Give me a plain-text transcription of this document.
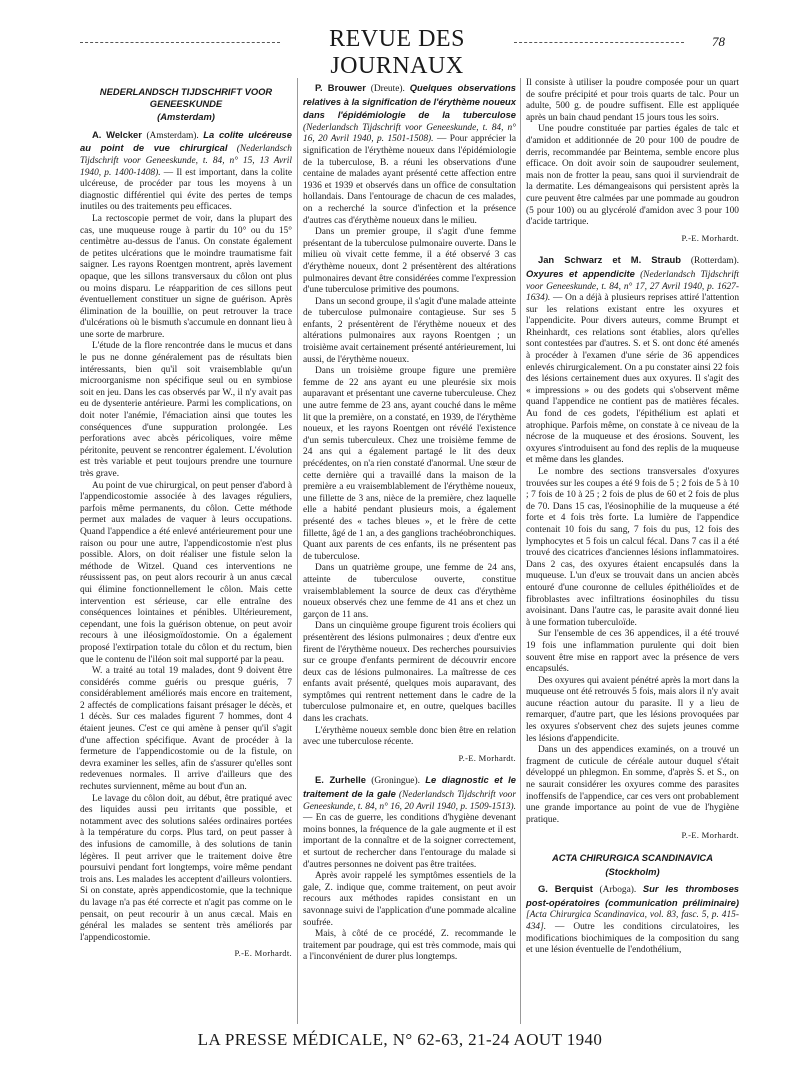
REVUE DES JOURNAUX
78
NEDERLANDSCH TIJDSCHRIFT VOOR GENEESKUNDE
(Amsterdam)

A. Welcker (Amsterdam). La colite ulcéreuse au point de vue chirurgical (Nederlandsch Tijdschrift voor Geneeskunde, t. 84, n° 15, 13 Avril 1940, p. 1400-1408). — Il est important, dans la colite ulcéreuse, de procéder par tous les moyens à un diagnostic différentiel qui évite des pertes de temps inutiles ou des traitements peu efficaces.

La rectoscopie permet de voir, dans la plupart des cas, une muqueuse rouge à partir du 10° ou du 15° centimètre au-dessus de l'anus. On constate également de petites ulcérations que le moindre traumatisme fait saigner. Les rayons Roentgen montrent, après lavement opaque, que les sillons transversaux du côlon ont plus ou moins disparu. Le réapparition de ces sillons peut éventuellement constituer un signe de guérison. Après élimination de la bouillie, on peut retrouver la trace d'ulcérations où le bismuth s'accumule en donnant lieu à une sorte de marbrure.

L'étude de la flore rencontrée dans le mucus et dans le pus ne donne généralement pas de résultats bien intéressants, bien qu'il soit vraisemblable qu'un microorganisme non spécifique seul ou en symbiose soit en jeu. Dans les cas observés par W., il n'y avait pas eu de dysenterie antérieure. Parmi les complications, on doit noter l'anémie, l'émaciation ainsi que toutes les conséquences d'une suppuration prolongée. Les perforations avec abcès péricoliques, voire même péritonite, peuvent se rencontrer également. L'évolution est très variable et peut toujours prendre une tournure très grave.

Au point de vue chirurgical, on peut penser d'abord à l'appendicostomie associée à des lavages réguliers, parfois même permanents, du côlon. Cette méthode permet aux malades de vaquer à leurs occupations. Quand l'appendice a été enlevé antérieurement pour une raison ou pour une autre, l'appendicostomie n'est plus possible. Alors, on doit réaliser une fistule selon la méthode de Witzel. Quand ces interventions ne réussissent pas, on peut alors recourir à un anus cæcal qui élimine fonctionnellement le côlon. Mais cette intervention est sérieuse, car elle entraîne des conséquences lointaines et pénibles. Ultérieurement, cependant, une fois la guérison obtenue, on peut avoir recours à une iléosigmoïdostomie. On a également proposé l'extirpation totale du côlon et du rectum, bien que le contenu de l'iléon soit mal supporté par la peau.

W. a traité au total 19 malades, dont 9 doivent être considérés comme guéris ou presque guéris, 7 considérablement améliorés mais encore en traitement, 2 affectés de complications faisant présager le décès, et 1 décès. Sur ces malades figurent 7 hommes, dont 4 étaient jeunes. C'est ce qui amène à penser qu'il s'agit d'une affection spécifique. Avant de procéder à la fermeture de l'appendicostomie ou de la fistule, on devra examiner les selles, afin de s'assurer qu'elles sont redevenues normales. Il arrive d'ailleurs que des rechutes surviennent, même au bout d'un an.

Le lavage du côlon doit, au début, être pratiqué avec des liquides aussi peu irritants que possible, et notamment avec des solutions salées ordinaires portées à la température du corps. Plus tard, on peut passer à des infusions de camomille, à des solutions de tanin légères. Il peut arriver que le traitement doive être poursuivi pendant fort longtemps, voire même pendant trois ans. Les malades les acceptent d'ailleurs volontiers. Si on constate, après appendicostomie, que la technique du lavage n'a pas été correcte et n'agit pas comme on le pensait, on peut recourir à un anus cæcal. Mais en général les malades se sentent très améliorés par l'appendicostomie.

P.-E. Morhardt.

P. Brouwer (Dreute). Quelques observations relatives à la signification de l'érythème noueux dans l'épidémiologie de la tuberculose (Nederlandsch Tijdschrift voor Geneeskunde, t. 84, n° 16, 20 Avril 1940, p. 1501-1508). — Pour apprécier la signification de l'érythème noueux dans l'épidémiologie de la tuberculose, B. a réuni les observations d'une centaine de malades ayant présenté cette affection entre 1936 et 1939 et observés dans un office de consultation hollandais. Dans l'entourage de chacun de ces malades, on a recherché la source d'infection et la présence d'autres cas d'érythème noueux dans le milieu.

Dans un premier groupe, il s'agit d'une femme présentant de la tuberculose pulmonaire ouverte. Dans le milieu où vivait cette femme, il a été observé 3 cas d'érythème noueux, dont 2 présentèrent des altérations pulmonaires devant être considérées comme l'expression d'une tuberculose primitive des poumons.

Dans un second groupe, il s'agit d'une malade atteinte de tuberculose pulmonaire contagieuse. Sur ses 5 enfants, 2 présentèrent de l'érythème noueux et des altérations pulmonaires aux rayons Roentgen ; un troisième avait certainement présenté antérieurement, lui aussi, de l'érythème noueux.

Dans un troisième groupe figure une première femme de 22 ans ayant eu une pleurésie six mois auparavant et présentant une caverne tuberculeuse. Chez une autre femme de 23 ans, ayant couché dans le même lit que la première, on a constaté, en 1939, de l'érythème noueux, et les rayons Roentgen ont révélé l'existence d'un semis tuberculeux. Chez une troisième femme de 24 ans qui a également partagé le lit des deux précédentes, on n'a rien constaté d'anormal. Une sœur de cette dernière qui a travaillé dans la maison de la première a eu vraisemblablement de l'érythème noueux, une fillette de 3 ans, nièce de la première, chez laquelle elle a habité pendant plusieurs mois, a également présenté des « taches bleues », et le frère de cette fillette, âgé de 1 an, a des ganglions trachéobronchiques. Quant aux parents de ces enfants, ils ne présentent pas de tuberculose.

Dans un quatrième groupe, une femme de 24 ans, atteinte de tuberculose ouverte, constitue vraisemblablement la source de deux cas d'érythème noueux observés chez une femme de 41 ans et chez un garçon de 11 ans.

Dans un cinquième groupe figurent trois écoliers qui présentèrent des lésions pulmonaires ; deux d'entre eux firent de l'érythème noueux. Des recherches poursuivies sur ce groupe d'enfants permirent de découvrir encore deux cas de lésions pulmonaires. La maîtresse de ces enfants avait présenté, quelques mois auparavant, des symptômes qui rentrent nettement dans le cadre de la tuberculose pulmonaire et, en outre, quelques bacilles dans les crachats.

L'érythème noueux semble donc bien être en relation avec une tuberculose récente.

P.-E. Morhardt.

E. Zurhelle (Groningue). Le diagnostic et le traitement de la gale (Nederlandsch Tijdschrift voor Geneeskunde, t. 84, n° 16, 20 Avril 1940, p. 1509-1513). — En cas de guerre, les conditions d'hygiène devenant moins bonnes, la fréquence de la gale augmente et il est important de la connaître et de la soigner correctement, et surtout de rechercher dans l'entourage du malade si d'autres personnes ne doivent pas être traitées.

Après avoir rappelé les symptômes essentiels de la gale, Z. indique que, comme traitement, on peut avoir recours aux méthodes rapides consistant en un savonnage suivi de l'application d'une pommade alcaline soufrée.

Mais, à côté de ce procédé, Z. recommande le traitement par poudrage, qui est très commode, mais qui a l'inconvénient de durer plus longtemps.

Il consiste à utiliser la poudre composée pour un quart de soufre précipité et pour trois quarts de talc. Pour un adulte, 500 g. de poudre suffisent. Elle est appliquée après un bain chaud pendant 15 jours tous les soirs.

Une poudre constituée par parties égales de talc et d'amidon et additionnée de 20 pour 100 de poudre de derris, recommandée par Beintema, semble encore plus efficace. On doit avoir soin de saupoudrer seulement, mais non de frotter la peau, sans quoi il surviendrait de la dermatite. Les démangeaisons qui persistent après la cure peuvent être calmées par une pommade au goudron (5 pour 100) ou au glycérolé d'amidon avec 3 pour 100 d'acide tartrique.

P.-E. Morhardt.

Jan Schwarz et M. Straub (Rotterdam). Oxyures et appendicite (Nederlandsch Tijdschrift voor Geneeskunde, t. 84, n° 17, 27 Avril 1940, p. 1627-1634). — On a déjà à plusieurs reprises attiré l'attention sur les relations existant entre les oxyures et l'appendicite. Pour divers auteurs, comme Brumpt et Rheinhardt, ces relations sont établies, alors qu'elles sont contestées par d'autres. S. et S. ont donc été amenés à procéder à l'examen d'une série de 36 appendices enlevés chirurgicalement. On a pu constater ainsi 22 fois des lésions certainement dues aux oxyures. Il s'agit des « impressions » ou des godets qui s'observent même quand l'appendice ne contient pas de matières fécales. Au fond de ces godets, l'épithélium est aplati et atrophique. Parfois même, on constate à ce niveau de la nécrose de la muqueuse et des érosions. Souvent, les oxyures s'introduisent au fond des replis de la muqueuse et même dans les glandes.

Le nombre des sections transversales d'oxyures trouvées sur les coupes a été 9 fois de 5 ; 2 fois de 5 à 10 ; 7 fois de 10 à 25 ; 2 fois de plus de 60 et 2 fois de plus de 70. Dans 15 cas, l'éosinophilie de la muqueuse a été forte et 4 fois très forte. La lumière de l'appendice contenait 10 fois du sang, 7 fois du pus, 12 fois des lymphocytes et 5 fois un calcul fécal. Dans 7 cas il a été trouvé des cicatrices d'anciennes lésions inflammatoires. Dans 2 cas, des oxyures étaient encapsulés dans la muqueuse. L'un d'eux se trouvait dans un ancien abcès entouré d'une couronne de cellules épithélioïdes et de fibroblastes avec infiltrations éosinophiles du tissu avoisinant. Dans l'autre cas, le parasite avait donné lieu à une formation tuberculoïde.

Sur l'ensemble de ces 36 appendices, il a été trouvé 19 fois une inflammation purulente qui doit bien souvent être mise en rapport avec la présence de vers encapsulés.

Des oxyures qui avaient pénétré après la mort dans la muqueuse ont été retrouvés 5 fois, mais alors il n'y avait aucune réaction autour du parasite. Il y a lieu de remarquer, d'autre part, que les lésions provoquées par les oxyures s'observent chez des sujets jeunes comme les lésions d'appendicite.

Dans un des appendices examinés, on a trouvé un fragment de cuticule de céréale autour duquel s'était développé un phlegmon. En somme, d'après S. et S., on ne saurait considérer les oxyures comme des parasites inoffensifs de l'appendice, car ces vers ont probablement une grande importance au point de vue de l'hygiène pratique.

P.-E. Morhardt.

ACTA CHIRURGICA SCANDINAVICA
(Stockholm)

G. Berquist (Arboga). Sur les thromboses post-opératoires (communication préliminaire) [Acta Chirurgica Scandinavica, vol. 83, fasc. 5, p. 415-434]. — Outre les conditions circulatoires, les modifications biochimiques de la composition du sang et une lésion éventuelle de l'endothélium,

LA PRESSE MÉDICALE, N° 62-63, 21-24 AOUT 1940
